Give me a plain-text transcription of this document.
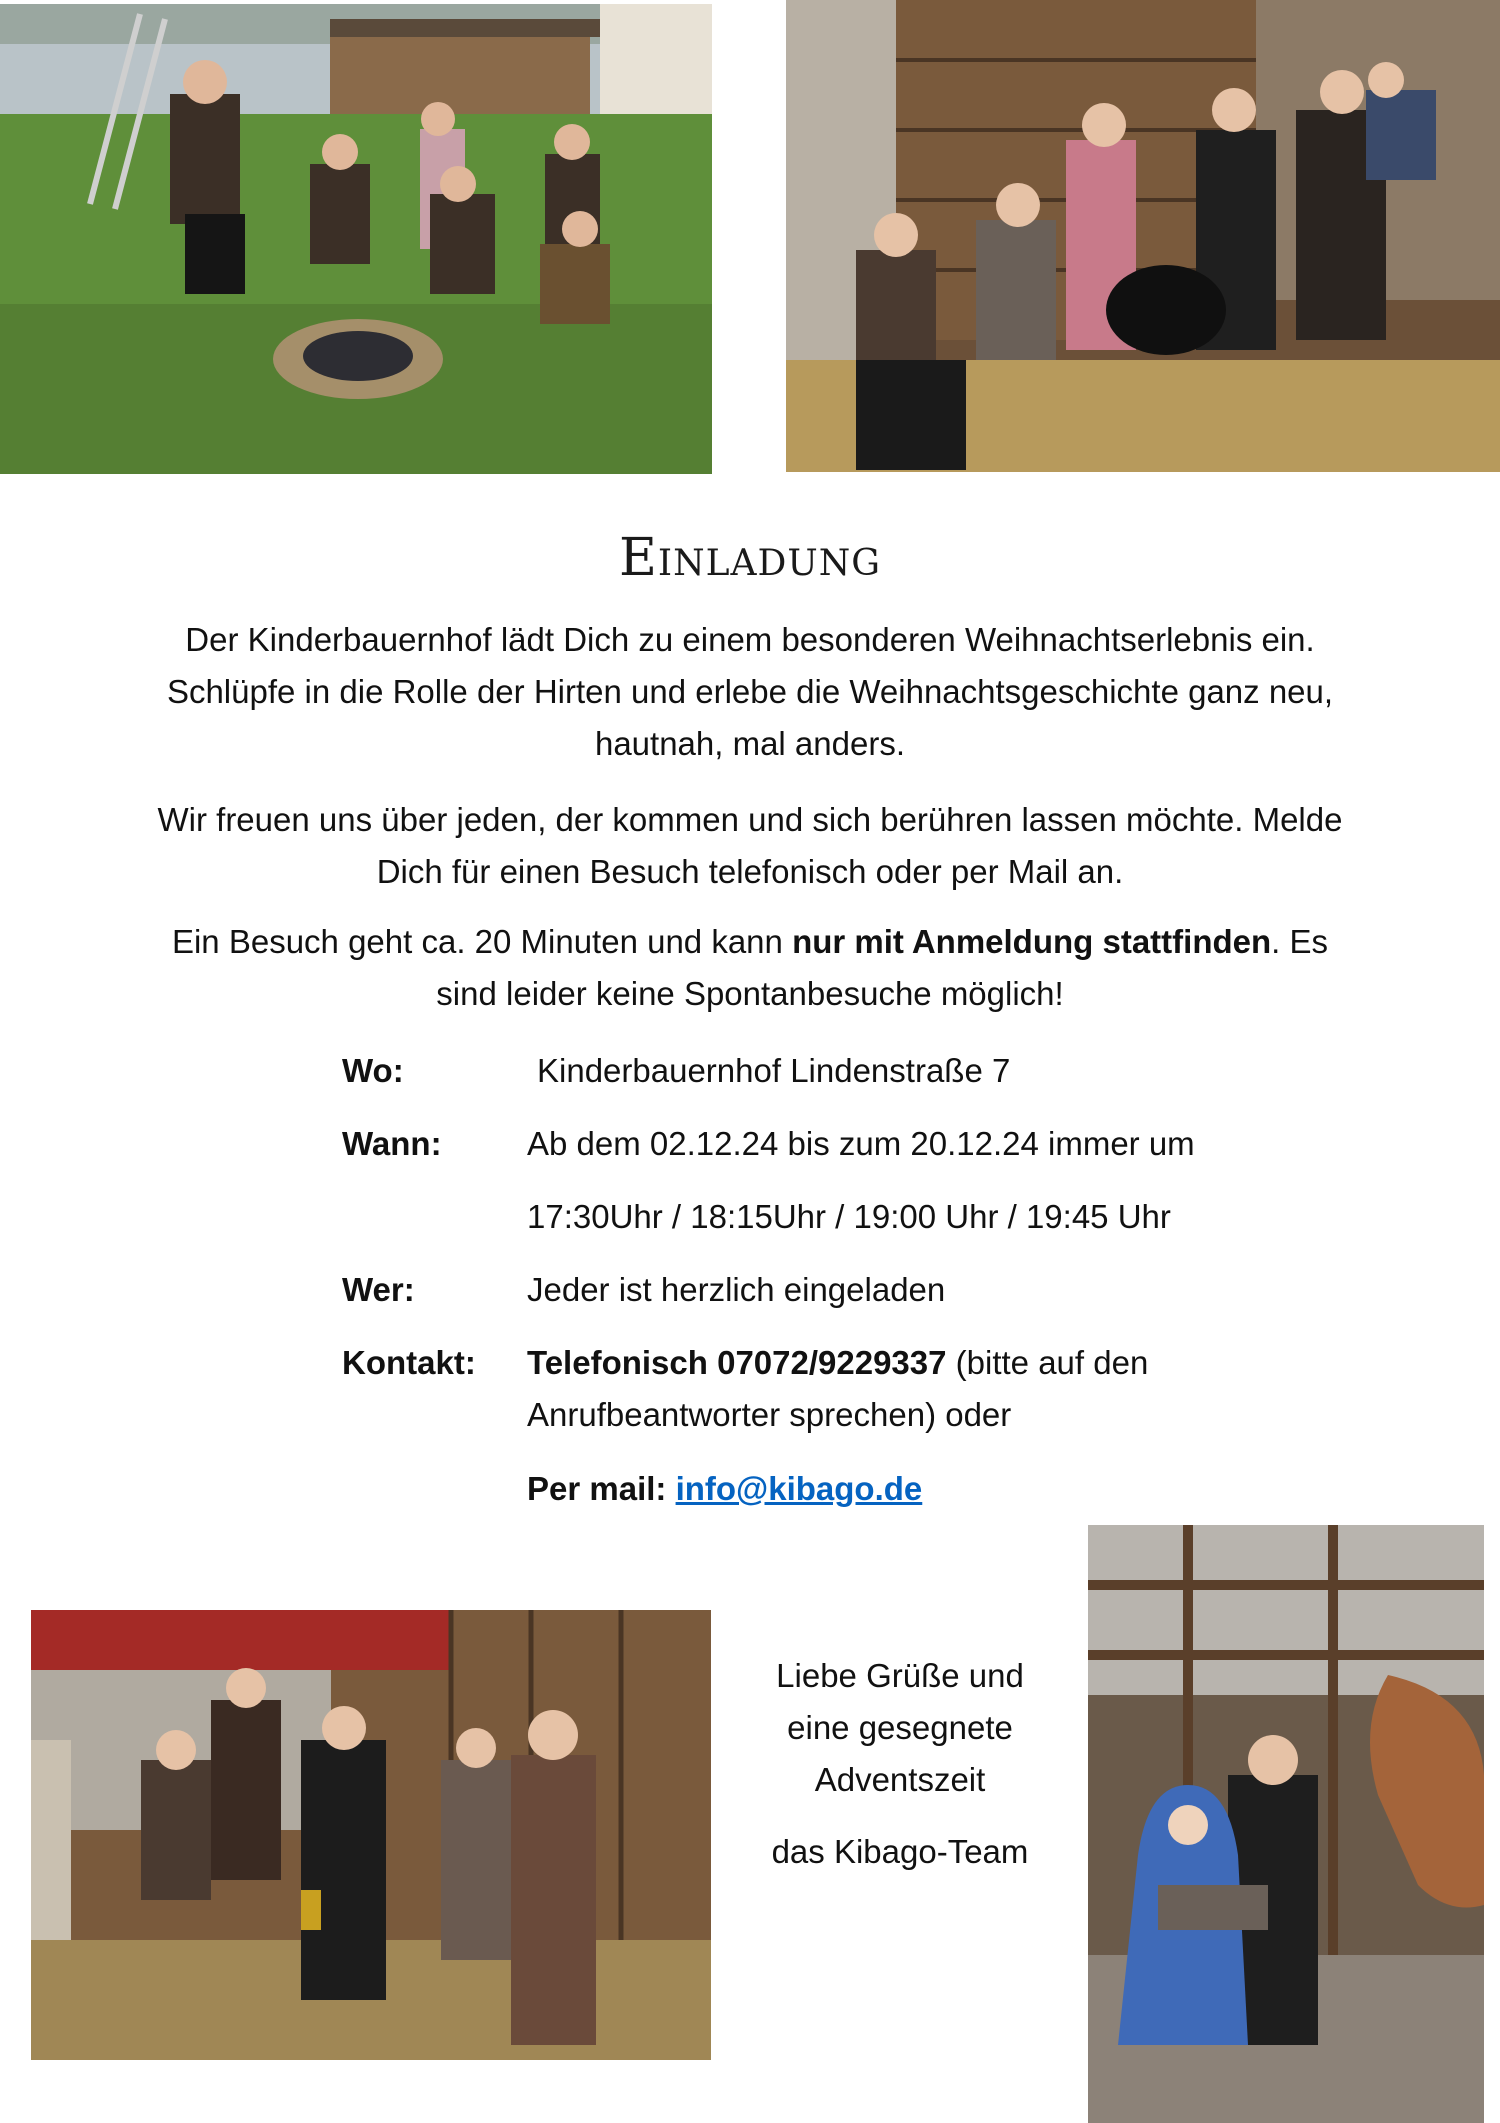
Einladung

Der Kinderbauernhof lädt Dich zu einem besonderen Weihnachtserlebnis ein. Schlüpfe in die Rolle der Hirten und erlebe die Weihnachtsgeschichte ganz neu, hautnah, mal anders.

Wir freuen uns über jeden, der kommen und sich berühren lassen möchte. Melde Dich für einen Besuch telefonisch oder per Mail an.

Ein Besuch geht ca. 20 Minuten und kann nur mit Anmeldung stattfinden. Es sind leider keine Spontanbesuche möglich!

Wo:	Kinderbauernhof Lindenstraße 7
Wann:	Ab dem 02.12.24 bis zum 20.12.24 immer um
17:30Uhr / 18:15Uhr / 19:00 Uhr / 19:45 Uhr
Wer:	Jeder ist herzlich eingeladen
Kontakt: Telefonisch 07072/9229337 (bitte auf den Anrufbeantworter sprechen) oder
Per mail: info@kibago.de
Liebe Grüße und
eine gesegnete
Adventszeit
das Kibago-Team
